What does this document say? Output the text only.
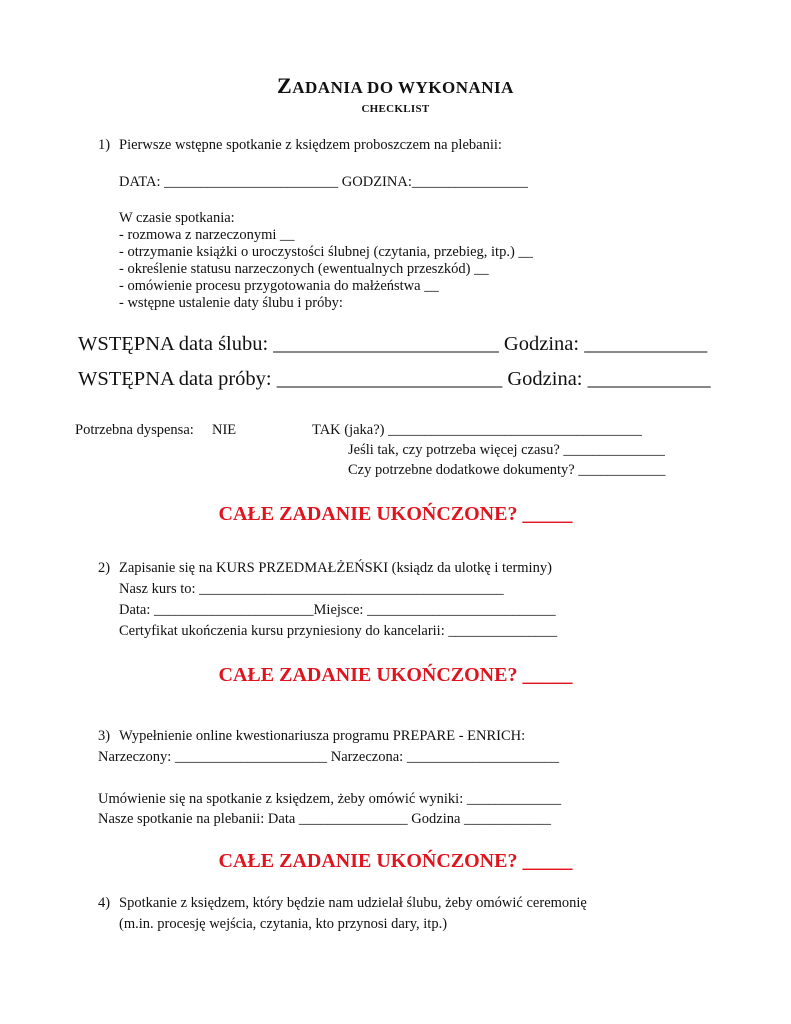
ZADANIA DO WYKONANIA
CHECKLIST
1) Pierwsze wstępne spotkanie z księdzem proboszczem na plebanii:
DATA: ________________________ GODZINA:________________
W czasie spotkania:
- rozmowa z narzeczonymi __
- otrzymanie książki o uroczystości ślubnej (czytania, przebieg, itp.) __
- określenie statusu narzeczonych (ewentualnych przeszkód) __
- omówienie procesu przygotowania do małżeństwa __
- wstępne ustalenie daty ślubu i próby:
WSTĘPNA data ślubu: ______________________ Godzina: ____________
WSTĘPNA data próby: ______________________ Godzina: ____________
Potrzebna dyspensa: NIE	TAK (jaka?) ___________________________________
Jeśli tak, czy potrzeba więcej czasu? ______________
Czy potrzebne dodatkowe dokumenty? ____________
CAŁE ZADANIE UKOŃCZONE? _____
2) Zapisanie się na KURS PRZEDMAŁŻEŃSKI (ksiądz da ulotkę i terminy)
Nasz kurs to: __________________________________________
Data: ______________________Miejsce: __________________________
Certyfikat ukończenia kursu przyniesiony do kancelarii: _______________
CAŁE ZADANIE UKOŃCZONE? _____
3) Wypełnienie online kwestionariusza programu PREPARE - ENRICH:
Narzeczony: _____________________ Narzeczona: _____________________
Umówienie się na spotkanie z księdzem, żeby omówić wyniki: _____________
Nasze spotkanie na plebanii: Data _______________ Godzina ____________
CAŁE ZADANIE UKOŃCZONE? _____
4) Spotkanie z księdzem, który będzie nam udzielał ślubu, żeby omówić ceremonię
(m.in. procesję wejścia, czytania, kto przynosi dary, itp.)
